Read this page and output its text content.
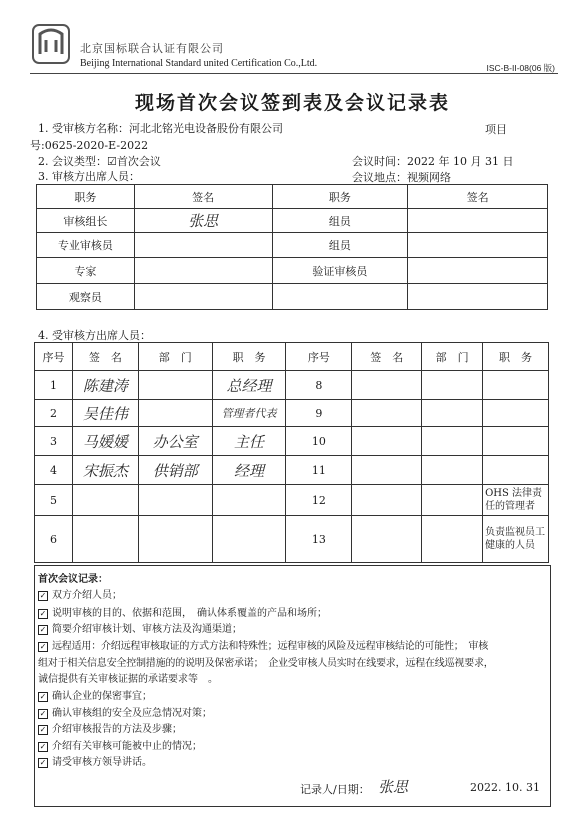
北京国标联合认证有限公司
Beijing International Standard united Certification Co.,Ltd.	ISC-B-II-08(06 版)
现场首次会议签到表及会议记录表
1. 受审核方名称：河北北铭光电设备股份有限公司	项目
号:0625-2020-E-2022
2. 会议类型：☑首次会议	会议时间：2022 年 10 月 31 日
3. 审核方出席人员：	会议地点：视频网络
职务	签名	职务	签名
审核组长	张思	组员	
专业审核员		组员	
专家		验证审核员	
观察员			
4. 受审核方出席人员：
序号	签　名	部　门	职　务	序号	签　名	部　门	职　务
1	陈建涛		总经理	8			
2	吴佳伟		管理者代表	9			
3	马媛媛	办公室	主任	10			
4	宋振杰	供销部	经理	11			
5				12			OHS 法律责任的管理者
6				13			负责监视员工健康的人员
首次会议记录：
✓ 双方介绍人员；
✓ 说明审核的目的、依据和范围，　确认体系覆盖的产品和场所；
✓ 简要介绍审核计划、审核方法及沟通渠道；
✓ 远程适用：介绍远程审核取证的方式方法和特殊性；远程审核的风险及远程审核结论的可能性；　审核
组对于相关信息安全控制措施的的说明及保密承诺；　企业受审核人员实时在线要求，远程在线巡视要求，
诚信提供有关审核证据的承诺要求等　。
✓ 确认企业的保密事宜；
✓ 确认审核组的安全及应急情况对策；
✓ 介绍审核报告的方法及步骤；
✓ 介绍有关审核可能被中止的情况；
✓ 请受审核方领导讲话。
记录人/日期： 张思	2022. 10. 31
